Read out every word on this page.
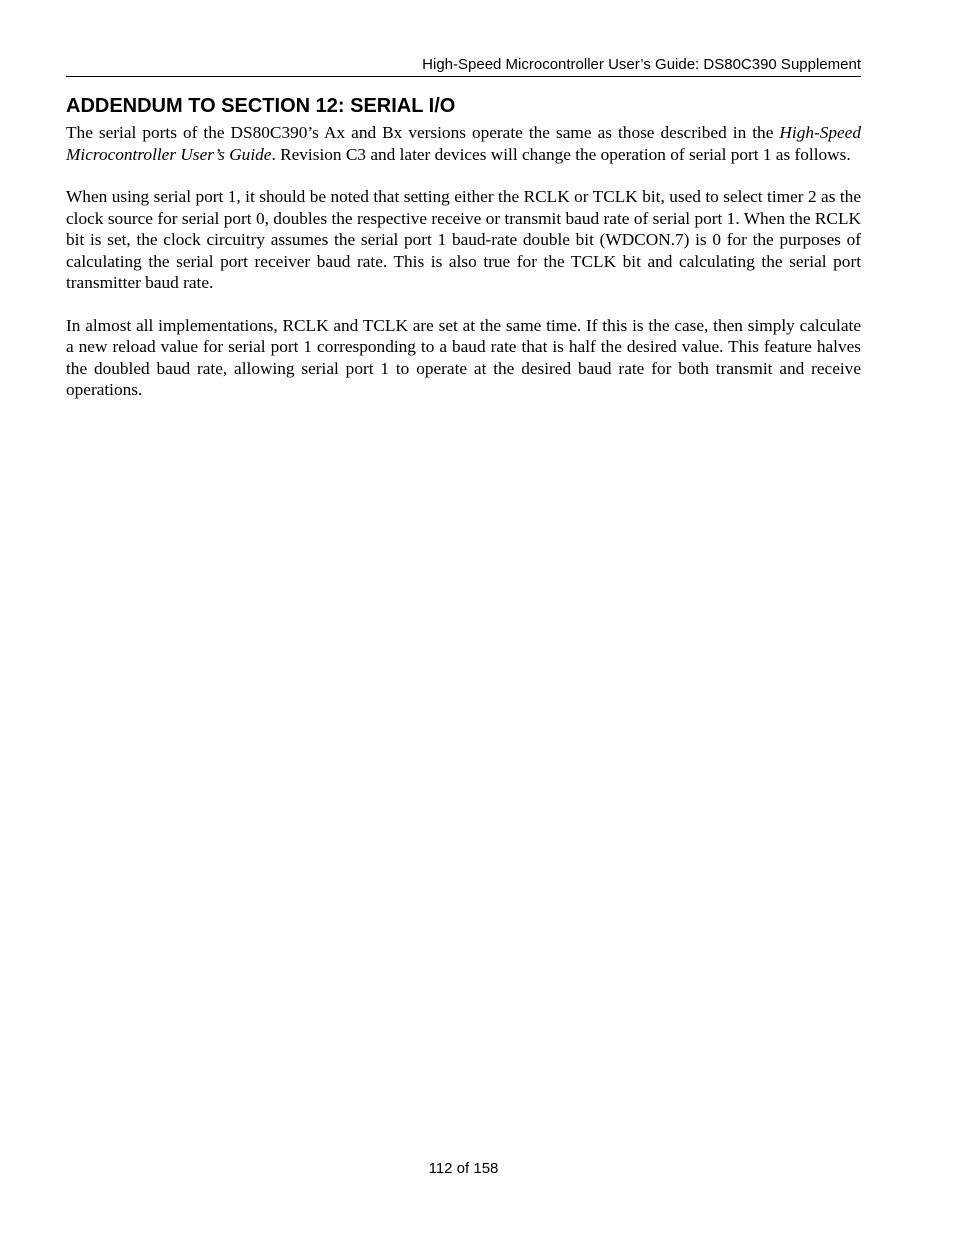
High-Speed Microcontroller User’s Guide: DS80C390 Supplement
ADDENDUM TO SECTION 12: SERIAL I/O

The serial ports of the DS80C390’s Ax and Bx versions operate the same as those described in the High-Speed Microcontroller User’s Guide. Revision C3 and later devices will change the operation of serial port 1 as follows.

When using serial port 1, it should be noted that setting either the RCLK or TCLK bit, used to select timer 2 as the clock source for serial port 0, doubles the respective receive or transmit baud rate of serial port 1. When the RCLK bit is set, the clock circuitry assumes the serial port 1 baud-rate double bit (WDCON.7) is 0 for the purposes of calculating the serial port receiver baud rate. This is also true for the TCLK bit and calculating the serial port transmitter baud rate.

In almost all implementations, RCLK and TCLK are set at the same time. If this is the case, then simply calculate a new reload value for serial port 1 corresponding to a baud rate that is half the desired value. This feature halves the doubled baud rate, allowing serial port 1 to operate at the desired baud rate for both transmit and receive operations.

112 of 158
